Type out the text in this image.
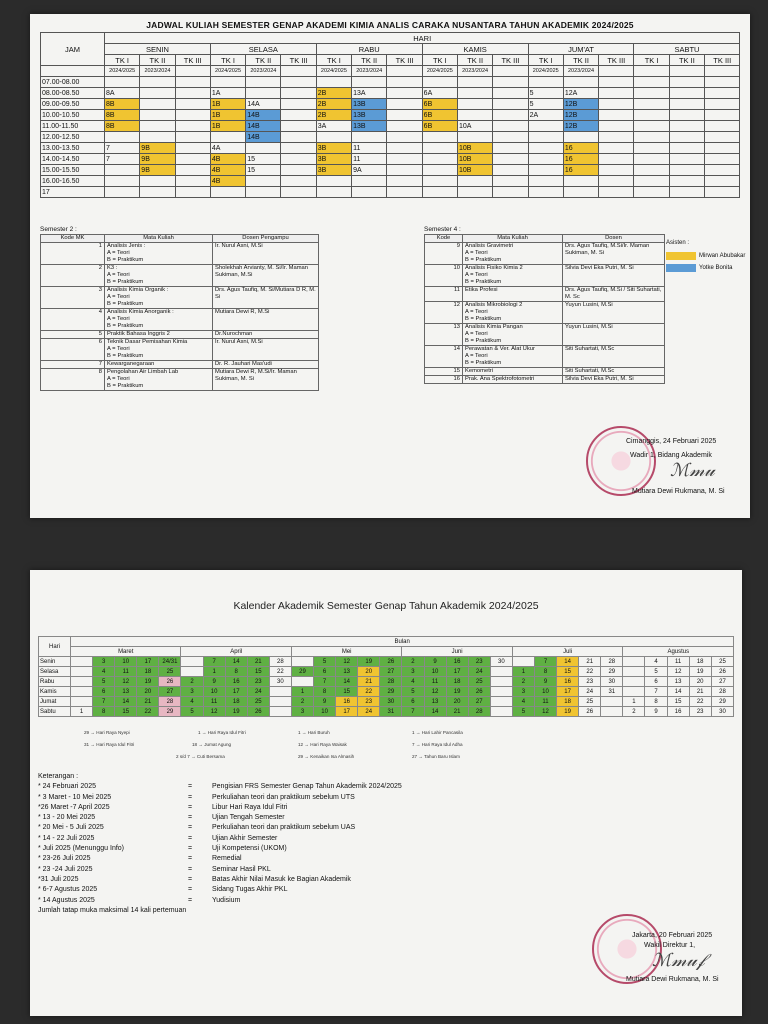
JADWAL KULIAH SEMESTER GENAP AKADEMI KIMIA ANALIS CARAKA NUSANTARA TAHUN AKADEMIK 2024/2025
JAM	HARI																	
	SENIN			SELASA			RABU			KAMIS			JUM'AT			SABTU		
	TK I	TK II	TK III	TK I	TK II	TK III	TK I	TK II	TK III	TK I	TK II	TK III	TK I	TK II	TK III	TK I	TK II	TK III
	2024/2025	2023/2024		2024/2025	2023/2024		2024/2025	2023/2024		2024/2025	2023/2024		2024/2025	2023/2024				
07.00-08.00																		
08.00-08.50	8A			1A			2B	13A		6A			5	12A				
09.00-09.50	8B			1B	14A		2B	13B		6B			5	12B				
10.00-10.50	8B			1B	14B		2B	13B		6B			2A	12B				
11.00-11.50	8B			1B	14B		3A	13B		6B	10A			12B				
12.00-12.50					14B													
13.00-13.50	7	9B		4A			3B	11			10B			16				
14.00-14.50	7	9B		4B	15		3B	11			10B			16				
15.00-15.50		9B		4B	15		3B	9A			10B			16				
16.00-16.50				4B														
17																		
Semester 2 :
Kode MK	Mata Kuliah	Dosen Pengampu
1	Analisis Jenis :
A = Teori
B = Praktikum	Ir. Nurul Asni, M.Si
2	K3 :
A = Teori
B = Praktikum	Sholekhah Arvianty, M. Si/Ir. Maman Sukiman, M.Si
3	Analisis Kimia Organik :
A = Teori
B = Praktikum	Drs. Agus Taufiq, M. Si/Mutiara D R, M. Si
4	Analisis Kimia Anorganik :
A = Teori
B = Praktikum	Mutiara Dewi R, M.Si
5	Praktik Bahasa Inggris 2	Dr.Nurochman
6	Teknik Dasar Pemisahan Kimia
A = Teori
B = Praktikum	Ir. Nurul Asni, M.Si
7	Kewarganegaraan	Dr. R. Jauhari Mas'udi
8	Pengolahan Air Limbah Lab
A = Teori
B = Praktikum	Mutiara Dewi R, M.Si/Ir. Maman Sukiman, M. Si
Semester 4 :
Kode	Mata Kuliah	Dosen
9	Analisis Gravimetri
A = Teori
B = Praktikum	Drs. Agus Taufiq, M.Si/Ir. Maman Sukiman, M. Si
10	Analisis Fisiko Kimia 2
A = Teori
B = Praktikum	Silvia Devi Eka Putri, M. Si
11	Etika Profesi	Drs. Agus Taufiq, M.Si / Siti Suhartati, M. Sc
12	Analisis Mikrobiologi 2
A = Teori
B = Praktikum	Yuyun Lusini, M.Si
13	Analisis Kimia Pangan
A = Teori
B = Praktikum	Yuyun Lusini, M.Si
14	Perawatan & Ver. Alat Ukur
A = Teori
B = Praktikum	Siti Suhartati, M.Sc
15	Kemometri	Siti Suhartati, M.Sc
16	Prak. Ana Spektrofotometri	Silvia Devi Eka Putri, M. Si
Asisten :
Mirwan Abubakar
Yotke Bonita
Cimanggis, 24 Februari 2025
Wadir 1, Bidang Akademik
ℳ𝓂𝓊
Mutiara Dewi Rukmana, M. Si
Kalender Akademik Semester Genap Tahun Akademik 2024/2025
Hari	Bulan																													
	Maret					April					Mei					Juni					Juli					Agustus				
Senin		3	10	17	24/31		7	14	21	28		5	12	19	26	2	9	16	23	30		7	14	21	28		4	11	18	25
Selasa		4	11	18	25		1	8	15	22	29	6	13	20	27	3	10	17	24		1	8	15	22	29		5	12	19	26
Rabu		5	12	19	26	2	9	16	23	30		7	14	21	28	4	11	18	25		2	9	16	23	30		6	13	20	27
Kamis		6	13	20	27	3	10	17	24		1	8	15	22	29	5	12	19	26		3	10	17	24	31		7	14	21	28
Jumat		7	14	21	28	4	11	18	25		2	9	16	23	30	6	13	20	27		4	11	18	25		1	8	15	22	29
Sabtu	1	8	15	22	29	5	12	19	26		3	10	17	24	31	7	14	21	28		5	12	19	26		2	9	16	23	30
29 → Hari Raya Nyepi
31 → Hari Raya Idul Fitri
1 → Hari Raya Idul Fitri
18 → Jumat Agung
2 s/d 7 → Cuti Bersama
1 → Hari Buruh
12 → Hari Raya Waisak
29 → Kenaikan Isa Almasih
1 → Hari Lahir Pancasila
7 → Hari Raya Idul Adha
27 → Tahun Baru Islam
Keterangan :
* 24 Februari 2025	=	Pengisian FRS Semester Genap Tahun Akademik 2024/2025
* 3 Maret - 10 Mei 2025	=	Perkuliahan teori dan praktikum sebelum UTS
*26 Maret -7 April 2025	=	Libur Hari Raya Idul Fitri
* 13 - 20 Mei 2025	=	Ujian Tengah Semester
* 20 Mei - 5 Juli 2025	=	Perkuliahan teori dan praktikum sebelum UAS
* 14 - 22 Juli 2025	=	Ujian Akhir Semester
* Juli 2025 (Menunggu Info)	=	Uji Kompetensi (UKOM)
* 23-26 Juli 2025	=	Remedial
* 23 -24 Juli 2025	=	Seminar Hasil PKL
*31 Juli 2025	=	Batas Akhir Nilai Masuk ke Bagian Akademik
* 6-7 Agustus 2025	=	Sidang Tugas Akhir PKL
* 14 Agustus 2025	=	Yudisium
Jumlah tatap muka maksimal 14 kali pertemuan
Jakarta, 20 Februari 2025
Wakil Direktur 1,
ℳ𝓂𝓊𝒻
Mutiara Dewi Rukmana, M. Si
